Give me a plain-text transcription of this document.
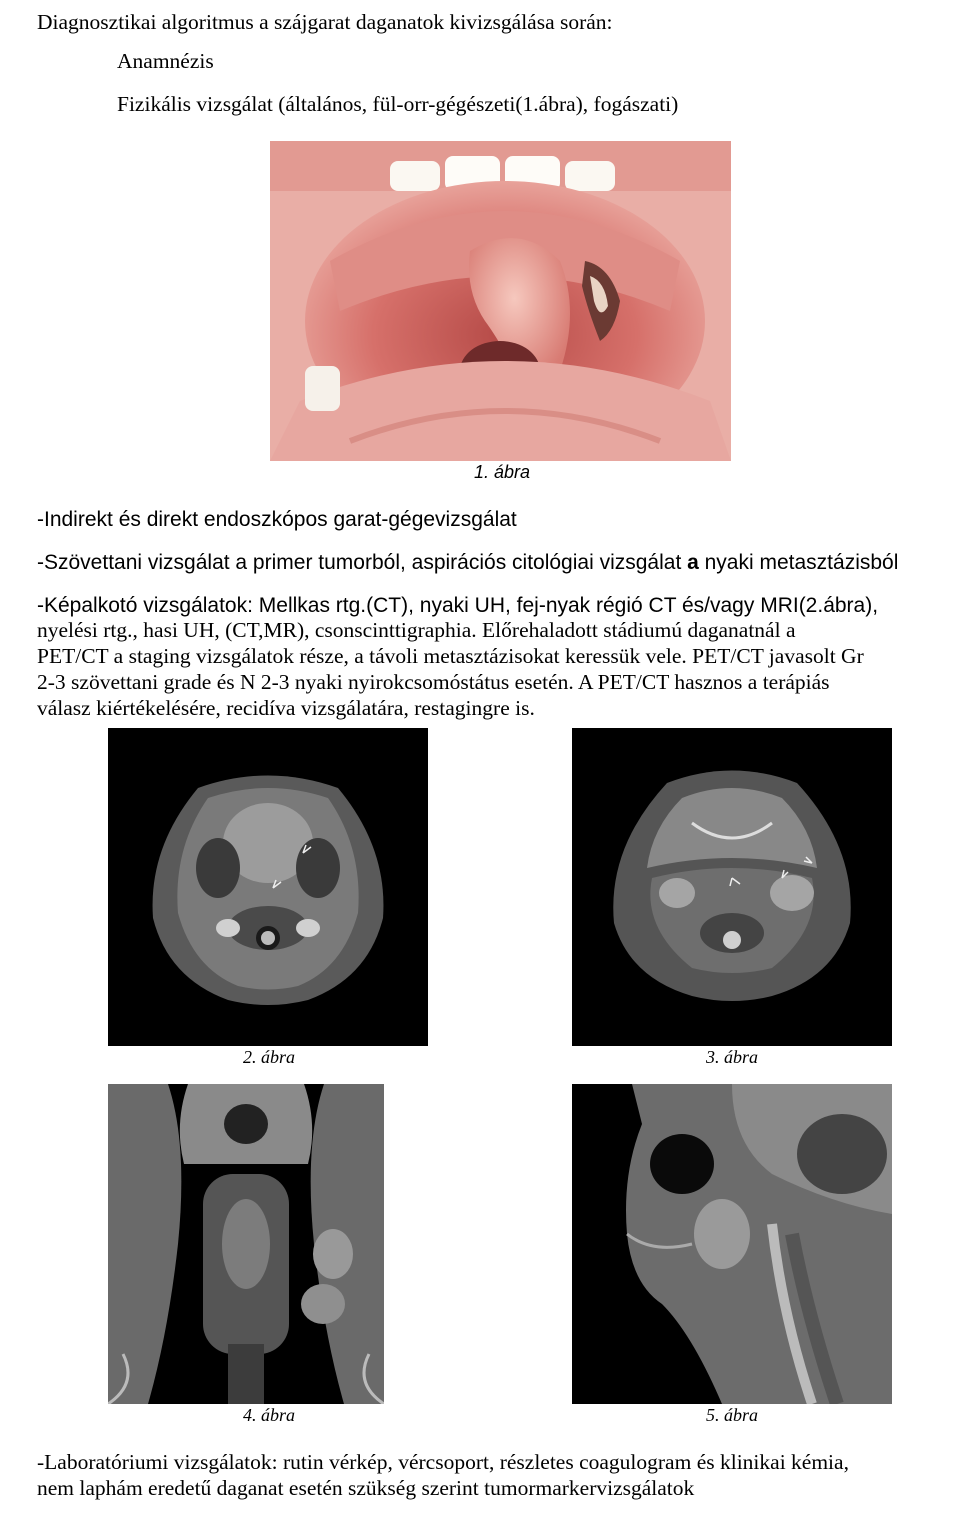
Diagnosztikai algoritmus a szájgarat daganatok kivizsgálása során:
Anamnézis
Fizikális vizsgálat (általános, fül-orr-gégészeti(1.ábra), fogászati)
1. ábra
-Indirekt és direkt endoszkópos garat-gégevizsgálat
-Szövettani vizsgálat a primer tumorból, aspirációs citológiai vizsgálat a nyaki metasztázisból
-Képalkotó vizsgálatok: Mellkas rtg.(CT), nyaki UH, fej-nyak régió CT és/vagy MRI(2.ábra),
nyelési rtg., hasi UH, (CT,MR), csonscinttigraphia. Előrehaladott stádiumú daganatnál a
PET/CT a staging vizsgálatok része, a távoli metasztázisokat keressük vele. PET/CT javasolt Gr
2-3 szövettani grade és N 2-3 nyaki nyirokcsomóstátus esetén. A PET/CT hasznos a terápiás
válasz kiértékelésére, recidíva vizsgálatára, restagingre is.
2. ábra	3. ábra
4. ábra	5. ábra
-Laboratóriumi vizsgálatok: rutin vérkép, vércsoport, részletes coagulogram és klinikai kémia,
nem laphám eredetű daganat esetén szükség szerint tumormarkervizsgálatok
